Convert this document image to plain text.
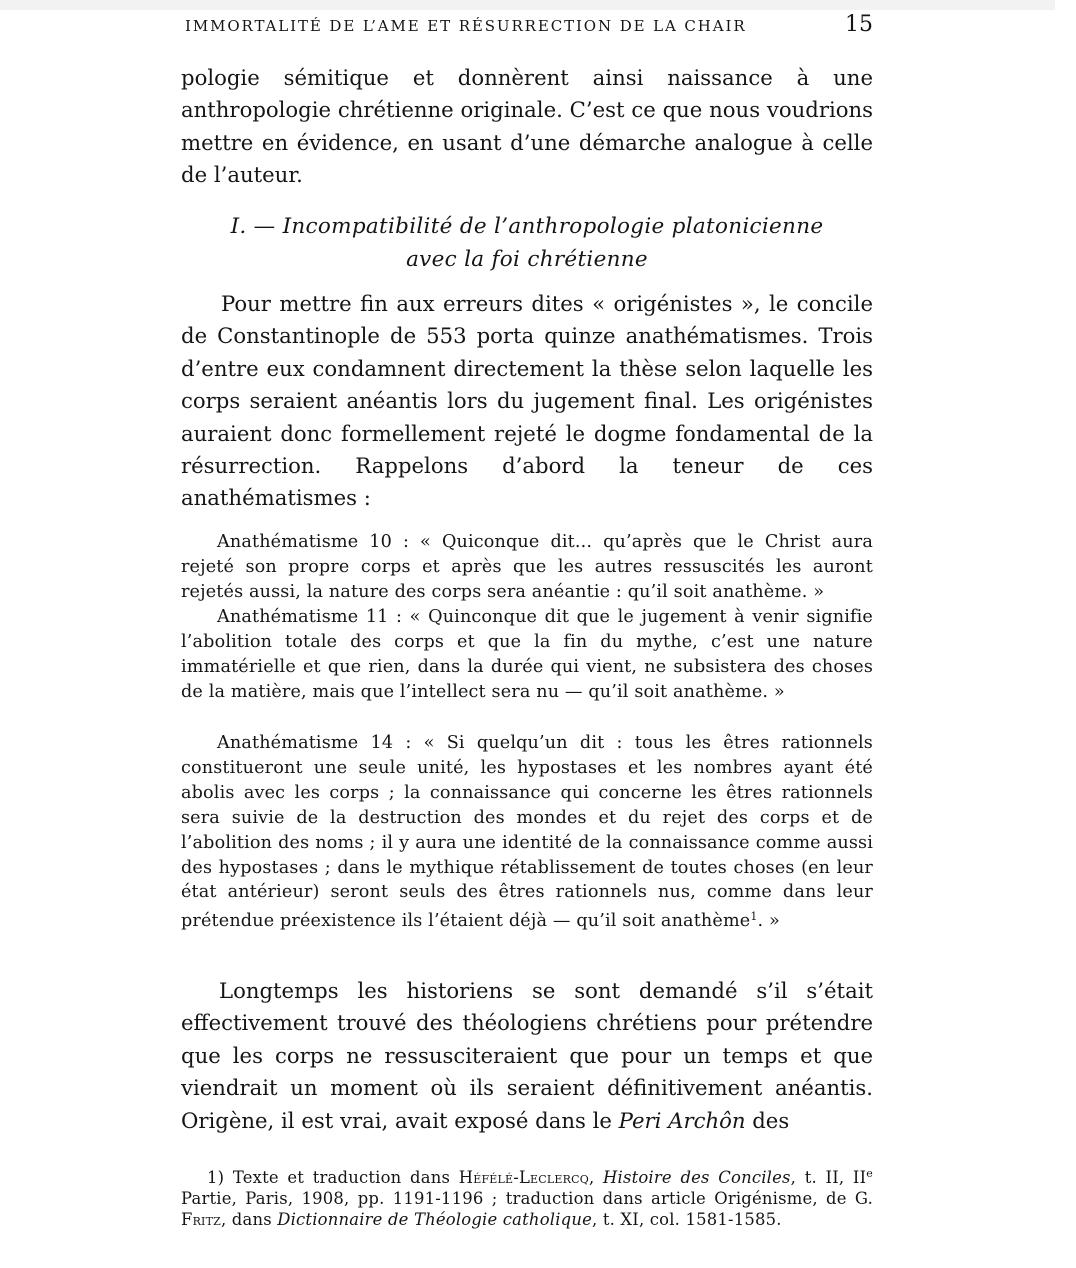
IMMORTALITÉ DE L’AME ET RÉSURRECTION DE LA CHAIR	15

pologie sémitique et donnèrent ainsi naissance à une anthropologie chrétienne originale. C’est ce que nous voudrions mettre en évidence, en usant d’une démarche analogue à celle de l’auteur.

I. — Incompatibilité de l’anthropologie platonicienne
avec la foi chrétienne

Pour mettre fin aux erreurs dites « origénistes », le concile de Constantinople de 553 porta quinze anathématismes. Trois d’entre eux condamnent directement la thèse selon laquelle les corps seraient anéantis lors du jugement final. Les origénistes auraient donc formellement rejeté le dogme fondamental de la résurrection. Rappelons d’abord la teneur de ces anathématismes :

Anathématisme 10 : « Quiconque dit... qu’après que le Christ aura rejeté son propre corps et après que les autres ressuscités les auront rejetés aussi, la nature des corps sera anéantie : qu’il soit anathème. »

Anathématisme 11 : « Quinconque dit que le jugement à venir signifie l’abolition totale des corps et que la fin du mythe, c’est une nature immatérielle et que rien, dans la durée qui vient, ne subsistera des choses de la matière, mais que l’intellect sera nu — qu’il soit anathème. »

Anathématisme 14 : « Si quelqu’un dit : tous les êtres rationnels constitueront une seule unité, les hypostases et les nombres ayant été abolis avec les corps ; la connaissance qui concerne les êtres rationnels sera suivie de la destruction des mondes et du rejet des corps et de l’abolition des noms ; il y aura une identité de la connaissance comme aussi des hypostases ; dans le mythique rétablissement de toutes choses (en leur état antérieur) seront seuls des êtres rationnels nus, comme dans leur prétendue préexistence ils l’étaient déjà — qu’il soit anathème$^1$. »

Longtemps les historiens se sont demandé s’il s’était effectivement trouvé des théologiens chrétiens pour prétendre que les corps ne ressusciteraient que pour un temps et que viendrait un moment où ils seraient définitivement anéantis. Origène, il est vrai, avait exposé dans le Peri Archôn des

1) Texte et traduction dans Héfélé-Leclercq, Histoire des Conciles, t. II, IIe Partie, Paris, 1908, pp. 1191-1196 ; traduction dans article Origénisme, de G. Fritz, dans Dictionnaire de Théologie catholique, t. XI, col. 1581-1585.
